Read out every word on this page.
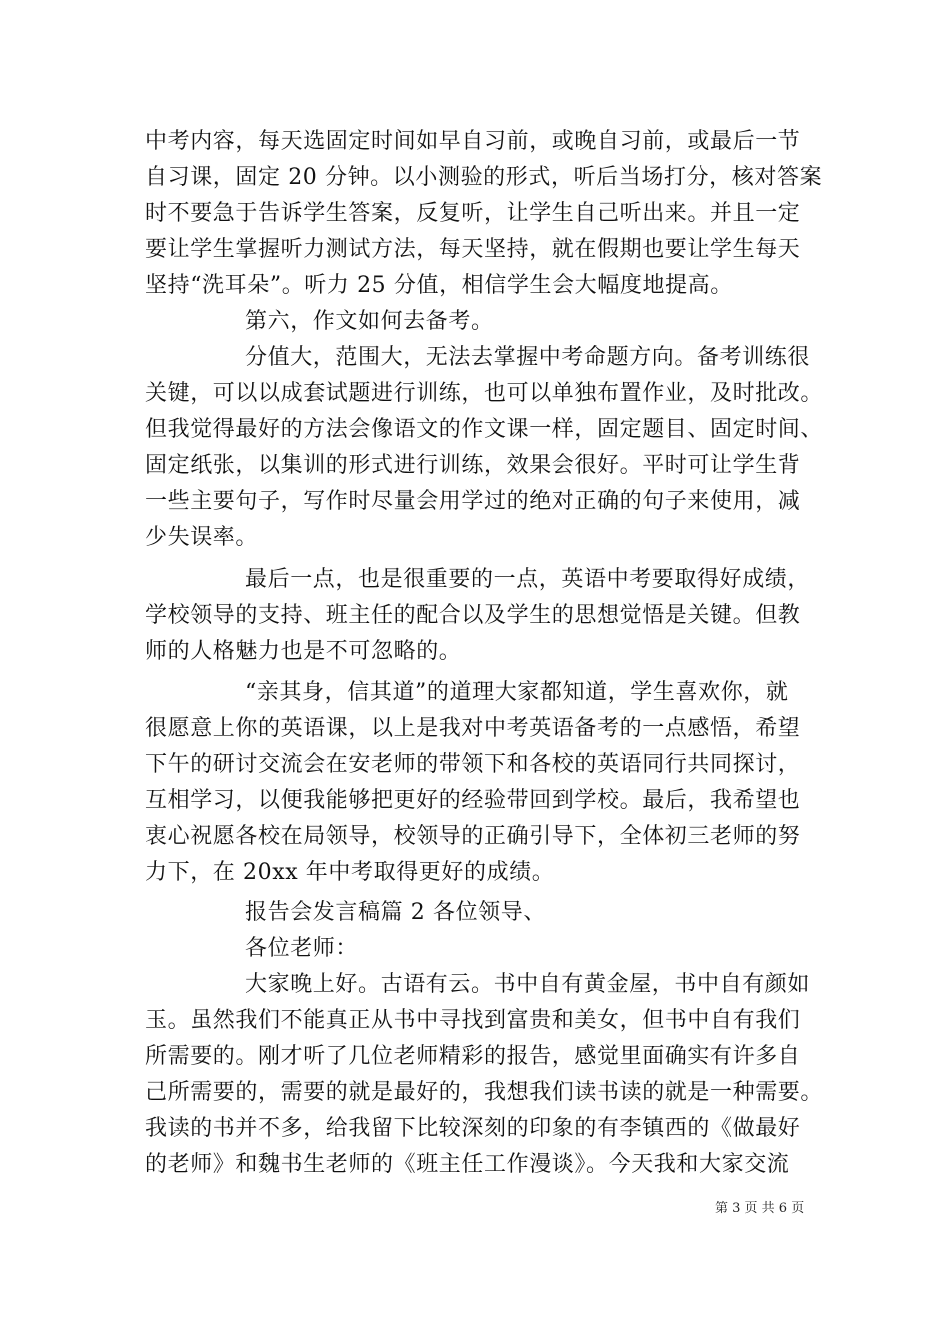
中考内容，每天选固定时间如早自习前，或晚自习前，或最后一节
自习课，固定 20 分钟。以小测验的形式，听后当场打分，核对答案
时不要急于告诉学生答案，反复听，让学生自己听出来。并且一定
要让学生掌握听力测试方法，每天坚持，就在假期也要让学生每天
坚持“洗耳朵”。听力 25 分值，相信学生会大幅度地提高。
第六，作文如何去备考。
分值大，范围大，无法去掌握中考命题方向。备考训练很
关键，可以以成套试题进行训练，也可以单独布置作业，及时批改。
但我觉得最好的方法会像语文的作文课一样，固定题目、固定时间、
固定纸张，以集训的形式进行训练，效果会很好。平时可让学生背
一些主要句子，写作时尽量会用学过的绝对正确的句子来使用，减
少失误率。
最后一点，也是很重要的一点，英语中考要取得好成绩，
学校领导的支持、班主任的配合以及学生的思想觉悟是关键。但教
师的人格魅力也是不可忽略的。
“亲其身，信其道”的道理大家都知道，学生喜欢你，就
很愿意上你的英语课，以上是我对中考英语备考的一点感悟，希望
下午的研讨交流会在安老师的带领下和各校的英语同行共同探讨，
互相学习，以便我能够把更好的经验带回到学校。最后，我希望也
衷心祝愿各校在局领导，校领导的正确引导下，全体初三老师的努
力下，在 20xx 年中考取得更好的成绩。
报告会发言稿篇 2 各位领导、
各位老师：
大家晚上好。古语有云。书中自有黄金屋，书中自有颜如
玉。虽然我们不能真正从书中寻找到富贵和美女，但书中自有我们
所需要的。刚才听了几位老师精彩的报告，感觉里面确实有许多自
己所需要的，需要的就是最好的，我想我们读书读的就是一种需要。
我读的书并不多，给我留下比较深刻的印象的有李镇西的《做最好
的老师》和魏书生老师的《班主任工作漫谈》。今天我和大家交流
第 3 页 共 6 页
